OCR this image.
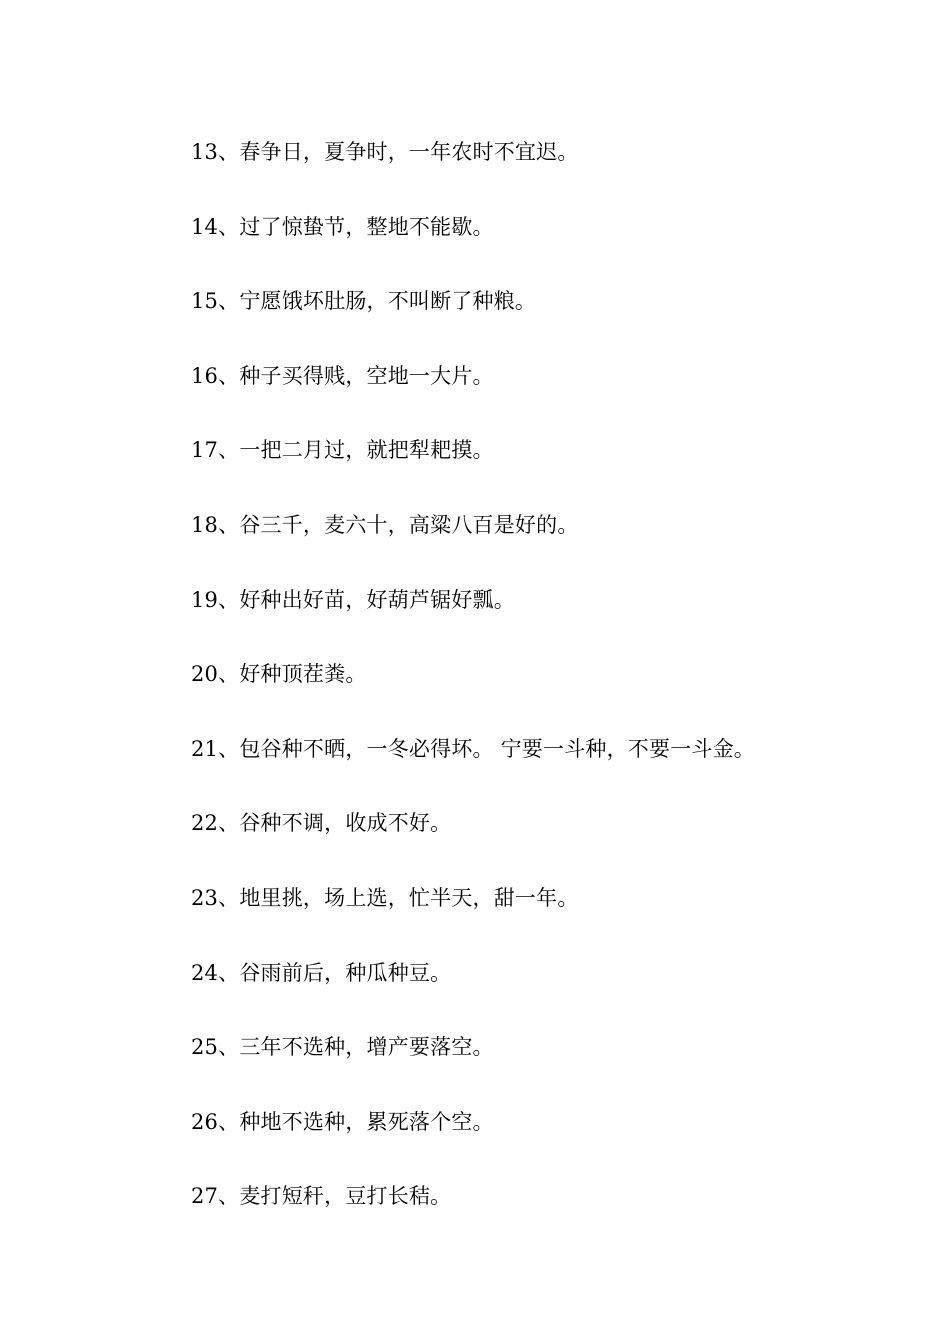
13、春争日，夏争时，一年农时不宜迟。
14、过了惊蛰节，整地不能歇。
15、宁愿饿坏肚肠，不叫断了种粮。
16、种子买得贱，空地一大片。
17、一把二月过，就把犁耙摸。
18、谷三千，麦六十，高粱八百是好的。
19、好种出好苗，好葫芦锯好瓢。
20、好种顶茬粪。
21、包谷种不晒，一冬必得坏。 宁要一斗种，不要一斗金。
22、谷种不调，收成不好。
23、地里挑，场上选，忙半天，甜一年。
24、谷雨前后，种瓜种豆。
25、三年不选种，增产要落空。
26、种地不选种，累死落个空。
27、麦打短秆，豆打长秸。
